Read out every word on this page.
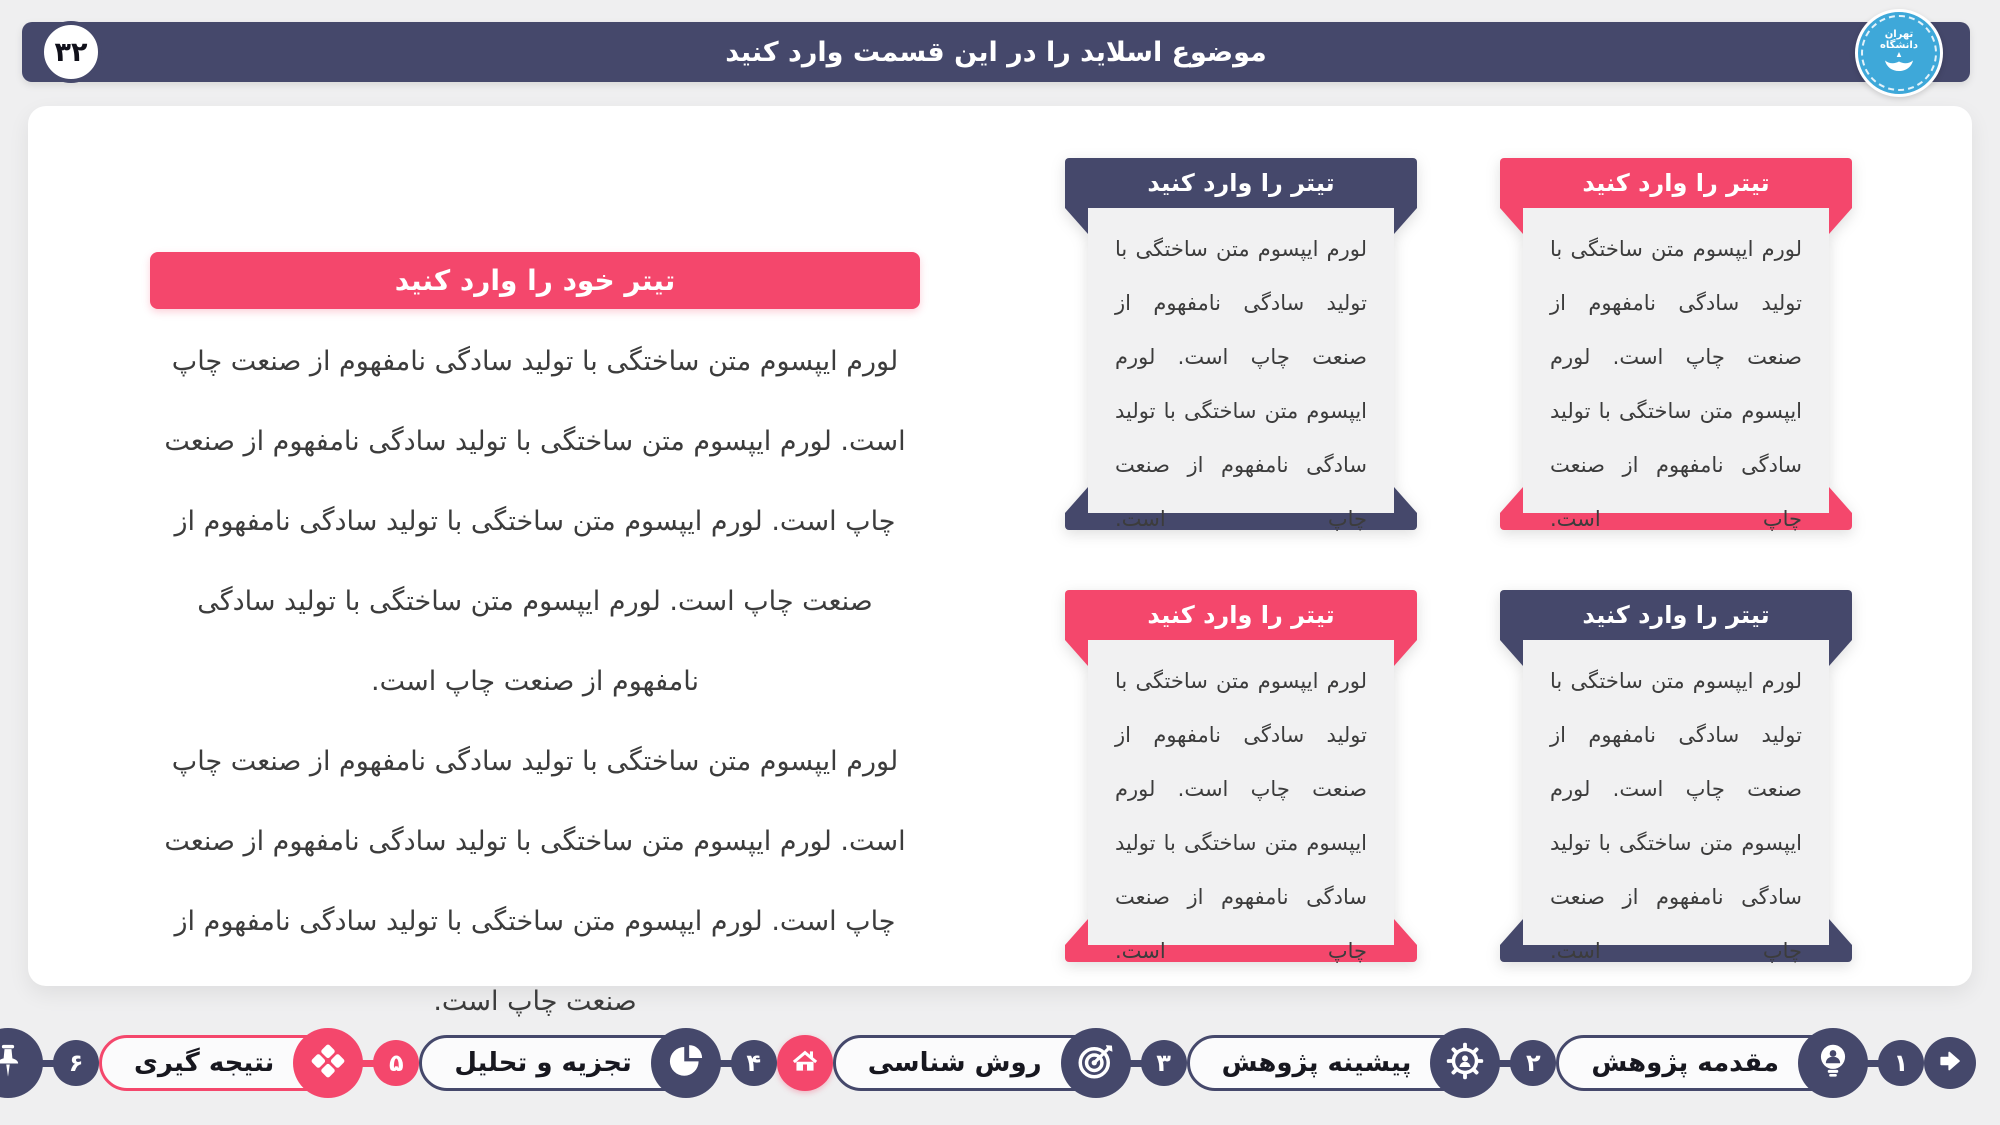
موضوع اسلاید را در این قسمت وارد کنید
۳۲
تهران
دانشگاه
تیتر خود را وارد کنید

لورم ایپسوم متن ساختگی با تولید سادگی نامفهوم از صنعت چاپ است. لورم ایپسوم متن ساختگی با تولید سادگی نامفهوم از صنعت چاپ است. لورم ایپسوم متن ساختگی با تولید سادگی نامفهوم از صنعت چاپ است. لورم ایپسوم متن ساختگی با تولید سادگی نامفهوم از صنعت چاپ است.

لورم ایپسوم متن ساختگی با تولید سادگی نامفهوم از صنعت چاپ است. لورم ایپسوم متن ساختگی با تولید سادگی نامفهوم از صنعت چاپ است. لورم ایپسوم متن ساختگی با تولید سادگی نامفهوم از صنعت چاپ است.

تیتر را وارد کنید
لورم ایپسوم متن ساختگی با تولید سادگی نامفهوم از صنعت چاپ است. لورم ایپسوم متن ساختگی با تولید سادگی نامفهوم از صنعت چاپ است.
تیتر را وارد کنید
لورم ایپسوم متن ساختگی با تولید سادگی نامفهوم از صنعت چاپ است. لورم ایپسوم متن ساختگی با تولید سادگی نامفهوم از صنعت چاپ است.
تیتر را وارد کنید
لورم ایپسوم متن ساختگی با تولید سادگی نامفهوم از صنعت چاپ است. لورم ایپسوم متن ساختگی با تولید سادگی نامفهوم از صنعت چاپ است.
تیتر را وارد کنید
لورم ایپسوم متن ساختگی با تولید سادگی نامفهوم از صنعت چاپ است. لورم ایپسوم متن ساختگی با تولید سادگی نامفهوم از صنعت چاپ است.
۱
مقدمه پژوهش
۲
پیشینه پژوهش
۳
روش شناسی
۴
تجزیه و تحلیل
۵
نتیجه گیری
۶
